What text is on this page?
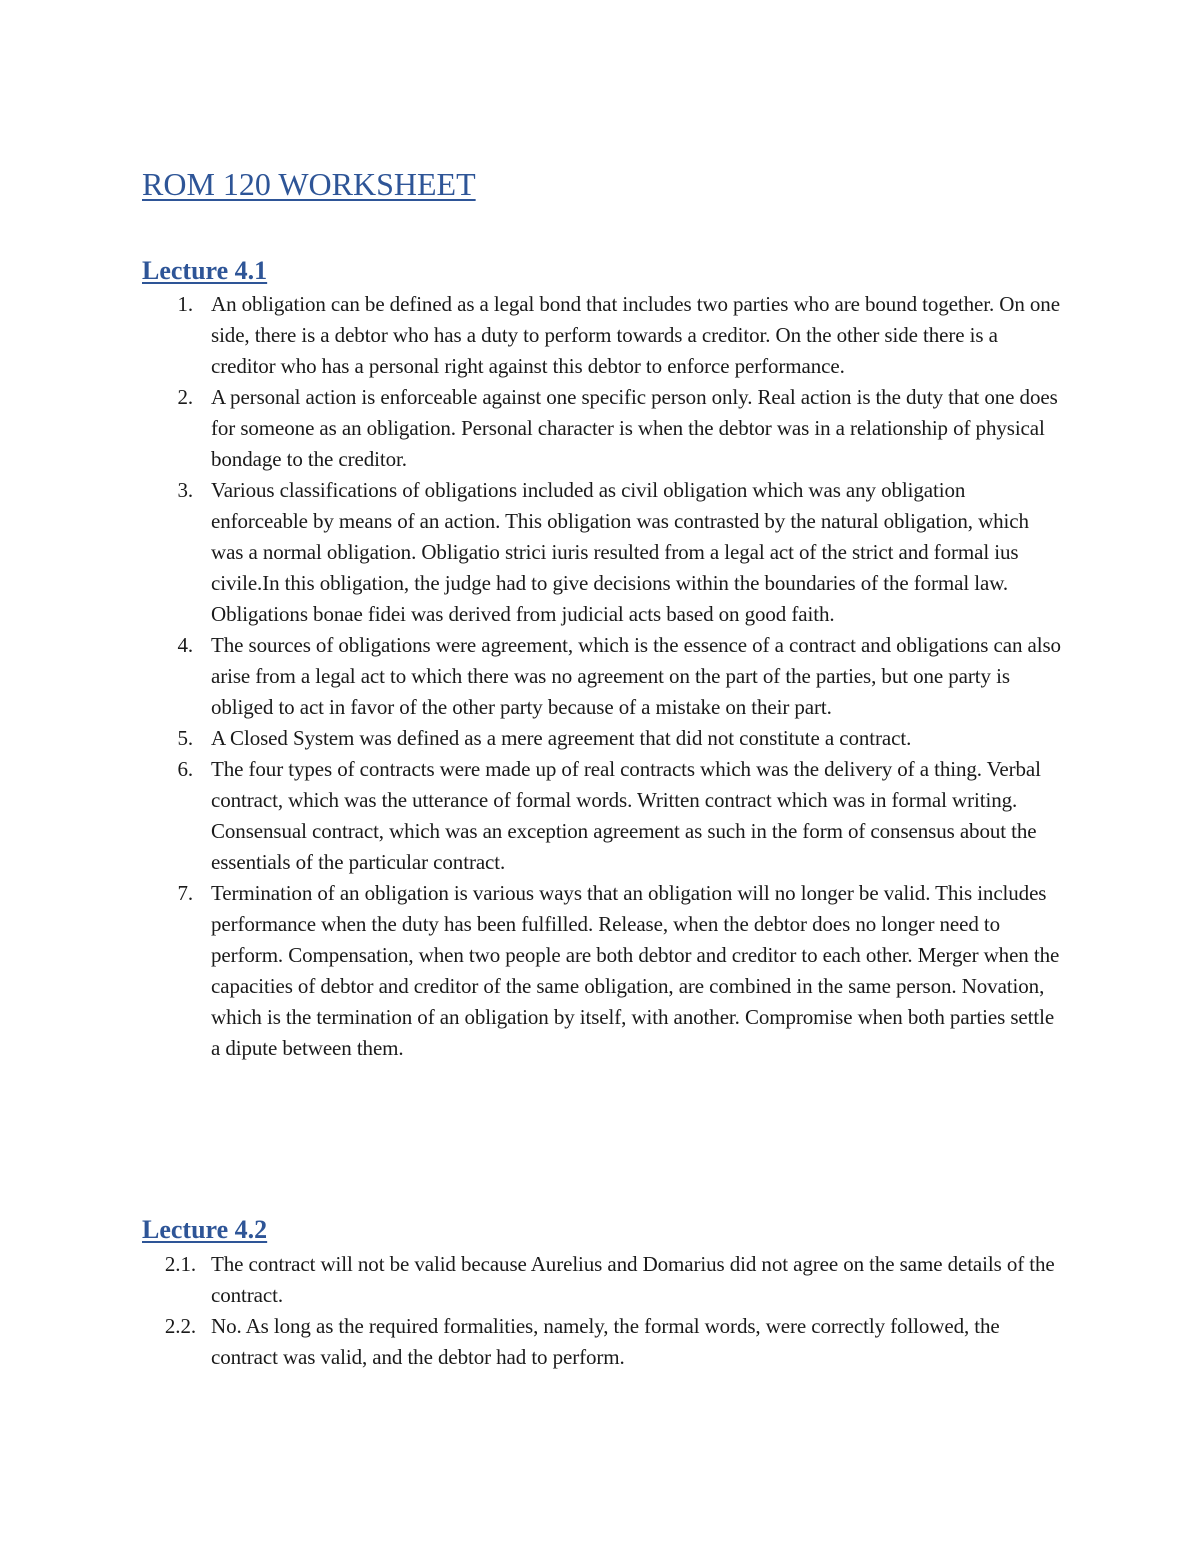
ROM 120 WORKSHEET
Lecture 4.1
1. An obligation can be defined as a legal bond that includes two parties who are bound together. On one side, there is a debtor who has a duty to perform towards a creditor. On the other side there is a creditor who has a personal right against this debtor to enforce performance.
2. A personal action is enforceable against one specific person only. Real action is the duty that one does for someone as an obligation. Personal character is when the debtor was in a relationship of physical bondage to the creditor.
3. Various classifications of obligations included as civil obligation which was any obligation enforceable by means of an action. This obligation was contrasted by the natural obligation, which was a normal obligation. Obligatio strici iuris resulted from a legal act of the strict and formal ius civile.In this obligation, the judge had to give decisions within the boundaries of the formal law. Obligations bonae fidei was derived from judicial acts based on good faith.
4. The sources of obligations were agreement, which is the essence of a contract and obligations can also arise from a legal act to which there was no agreement on the part of the parties, but one party is obliged to act in favor of the other party because of a mistake on their part.
5. A Closed System was defined as a mere agreement that did not constitute a contract.
6. The four types of contracts were made up of real contracts which was the delivery of a thing. Verbal contract, which was the utterance of formal words. Written contract which was in formal writing. Consensual contract, which was an exception agreement as such in the form of consensus about the essentials of the particular contract.
7. Termination of an obligation is various ways that an obligation will no longer be valid. This includes performance when the duty has been fulfilled. Release, when the debtor does no longer need to perform. Compensation, when two people are both debtor and creditor to each other. Merger when the capacities of debtor and creditor of the same obligation, are combined in the same person. Novation, which is the termination of an obligation by itself, with another. Compromise when both parties settle a dipute between them.
Lecture 4.2
2.1. The contract will not be valid because Aurelius and Domarius did not agree on the same details of the contract.
2.2. No. As long as the required formalities, namely, the formal words, were correctly followed, the contract was valid, and the debtor had to perform.
